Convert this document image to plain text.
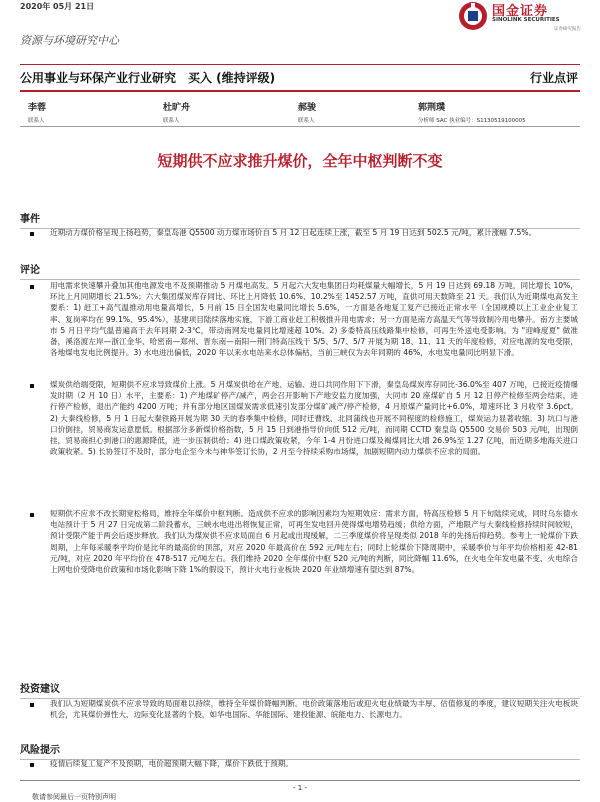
2020年 05月 21日	国金证券
SINOLINK SECURITIES
证券研究报告
资源与环境研究中心
公用事业与环保产业行业研究　买入 (维持评级)	行业点评
李蓉
联系人
杜旷舟
联系人
郝骏
联系人
郭荆璞
分析师 SAC 执业编号：S1130519100005
短期供不应求推升煤价，全年中枢判断不变
事件

近期动力煤价格呈现上扬趋势，秦皇岛港 Q5500 动力煤市场价自 5 月 12 日起连续上涨，截至 5 月 19 日达到 502.5 元/吨，累计涨幅 7.5%。

评论

用电需求快速攀升叠加其他电源发电不及预期推动 5 月煤电高发。5 月起六大发电集团日均耗煤量大幅增长，5 月 19 日达到 69.18 万吨，同比增长 10%，环比上月同期增长 21.5%；六大集团煤炭库存同比、环比上月降低 10.6%、10.2%至 1452.57 万吨，直供可用天数降至 21 天。我们认为近期煤电高发主要系：1) 赶工+高气温推动用电量高增长，5 月前 15 日全国发电量同比增长 5.6%，一方面是各地复工复产已接近正常水平（全国规模以上工业企业复工率、复岗率均在 99.1%、95.4%），基建项目陆续落地实施，下游工商业赶工积极推升用电需求；另一方面是南方高温天气等导致制冷用电攀升。南方主要城市 5 月日平均气温普遍高于去年同期 2-3℃，带动南网发电量同比增速超 10%。2) 多委特高压线路集中检修，可再生外送电受影响。为 "迎峰度夏" 做准备，溪洛渡左岸—浙江金华、哈密南—郑州、晋东南—南阳—荆门特高压线于 5/5、5/7、5/7 开展为期 18、11、11 天的年度检修，对应电源的发电受限，各地煤电发电比例提升。3) 水电进出偏低，2020 年以来水电站来水总体偏枯，当前三峡仅为去年同期的 46%，水电发电量同比明显下滑。

煤炭供给端受限，短期供不应求导致煤价上涨。5 月煤炭供给在产地、运输、进口共同作用下下滑，秦皇岛煤炭库存同比-36.0%至 407 万吨，已接近疫情爆发时期（2 月 10 日）水平，主要系：1) 产地煤矿停产/减产，两会召开影响下产地安监力度加强，大同市 20 座煤矿自 5 月 12 日停产检修至两会结束，进行停产检修，退出产能约 4200 万吨；并有部分地区国煤炭需求低速引发部分煤矿减产/停产检修，4 月原煤产量同比+6.0%，增速环比 3 月收窄 3.6pct。2) 大秦线检修，5 月 1 日起大秦铁路开展为期 30 天的春季集中检修，同时迁曹线、北同蒲线也开展不同程度的检修施工，煤炭运力显著收缩。3) 坑口与港口价倒挂，贸易商发运意愿低。根据部分多新煤价格指数，5 月 15 日到港指导价向低 512 元/吨，而同期 CCTD 秦皇岛 Q5500 交易价 503 元/吨，出现倒挂，贸易商担心到港口的惠源降低，进一步压制供给；4) 进口煤政策收紧，今年 1-4 月份进口煤及褐煤同比大增 26.9%至 1.27 亿吨，而近期多地海关进口政策收紧。5) 长协签订不及时，部分电企至今未与神华签订长协，2 月至今持续采购市场煤，加剧短期内动力煤供不应求的局面。

短期供不应求不改长期宽松格局，维持全年煤价中枢判断。造成供不应求的影响因素均为短期效应：需求方面，特高压检修 5 月下旬陆续完成，同时乌东德水电站预计于 5 月 27 日完成第二阶段蓄水，三峡水电进出将恢复正常，可再生发电回升使得煤电增势趋缓；供给方面，产地限产与大秦线检修持续时间较短，预计受限产能于两会后逐步释放。我们认为煤炭供不应求局面自 6 月起或出现缓解，二三季度煤价将呈现类似 2018 年的先扬后抑趋势。参考上一轮煤价下跌周期，上年每采暖季平均价是比年的最高价的顶部，对应 2020 年最高价在 592 元/吨左右；同时上轮煤价下降周期中，采暖季价与年平均价格相差 42-81 元/吨，对应 2020 年平均价在 478-517 元/吨左右。我们维持 2020 全年煤价中枢 520 元/吨的判断，同比降幅 11.6%，在火电全年发电量不变、火电综合上网电价受降电价政策和市场化影响下降 1%的假设下，预计火电行业板块 2020 年业绩增速有望达到 87%。

投资建议

我们认为短期煤炭供不应求导致的局面难以持续，维持全年煤价降幅判断。电价政策落地后或迎火电业绩最为丰厚、估值修复的季度，建议短期关注火电板块机会，尤其煤价弹性大、边际变化显著的个股，如华电国际、华能国际、建投能源、皖能电力、长源电力。

风险提示

疫情后续复工复产不及预期，电价超预期大幅下降，煤价下跌低于预期。

- 1 -
敬请参阅最后一页特别声明
